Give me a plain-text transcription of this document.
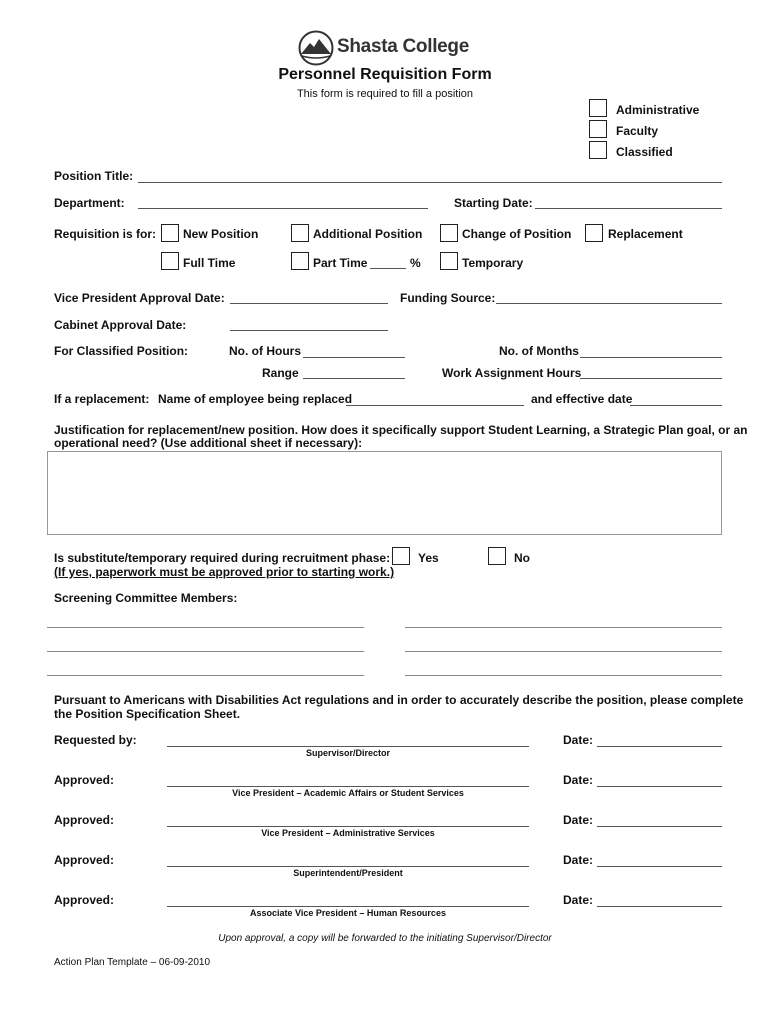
Shasta College
Personnel Requisition Form
This form is required to fill a position
Administrative
Faculty
Classified
Position Title:
Department:	Starting Date:
Requisition is for: New Position	Additional Position	Change of Position	Replacement
Full Time	Part Time	%	Temporary
Vice President Approval Date:	Funding Source:
Cabinet Approval Date:
For Classified Position:	No. of Hours	No. of Months
Range	Work Assignment Hours
If a replacement: Name of employee being replaced	and effective date
Justification for replacement/new position. How does it specifically support Student Learning, a Strategic Plan goal, or an
operational need? (Use additional sheet if necessary):
Is substitute/temporary required during recruitment phase:
(If yes, paperwork must be approved prior to starting work.)
Yes	No
Screening Committee Members:
Pursuant to Americans with Disabilities Act regulations and in order to accurately describe the position, please complete
the Position Specification Sheet.
Requested by:
Supervisor/Director
Date:
Approved:
Vice President – Academic Affairs or Student Services
Date:
Approved:
Vice President – Administrative Services
Date:
Approved:
Superintendent/President
Date:
Approved:
Associate Vice President – Human Resources
Date:
Upon approval, a copy will be forwarded to the initiating Supervisor/Director
Action Plan Template – 06-09-2010
